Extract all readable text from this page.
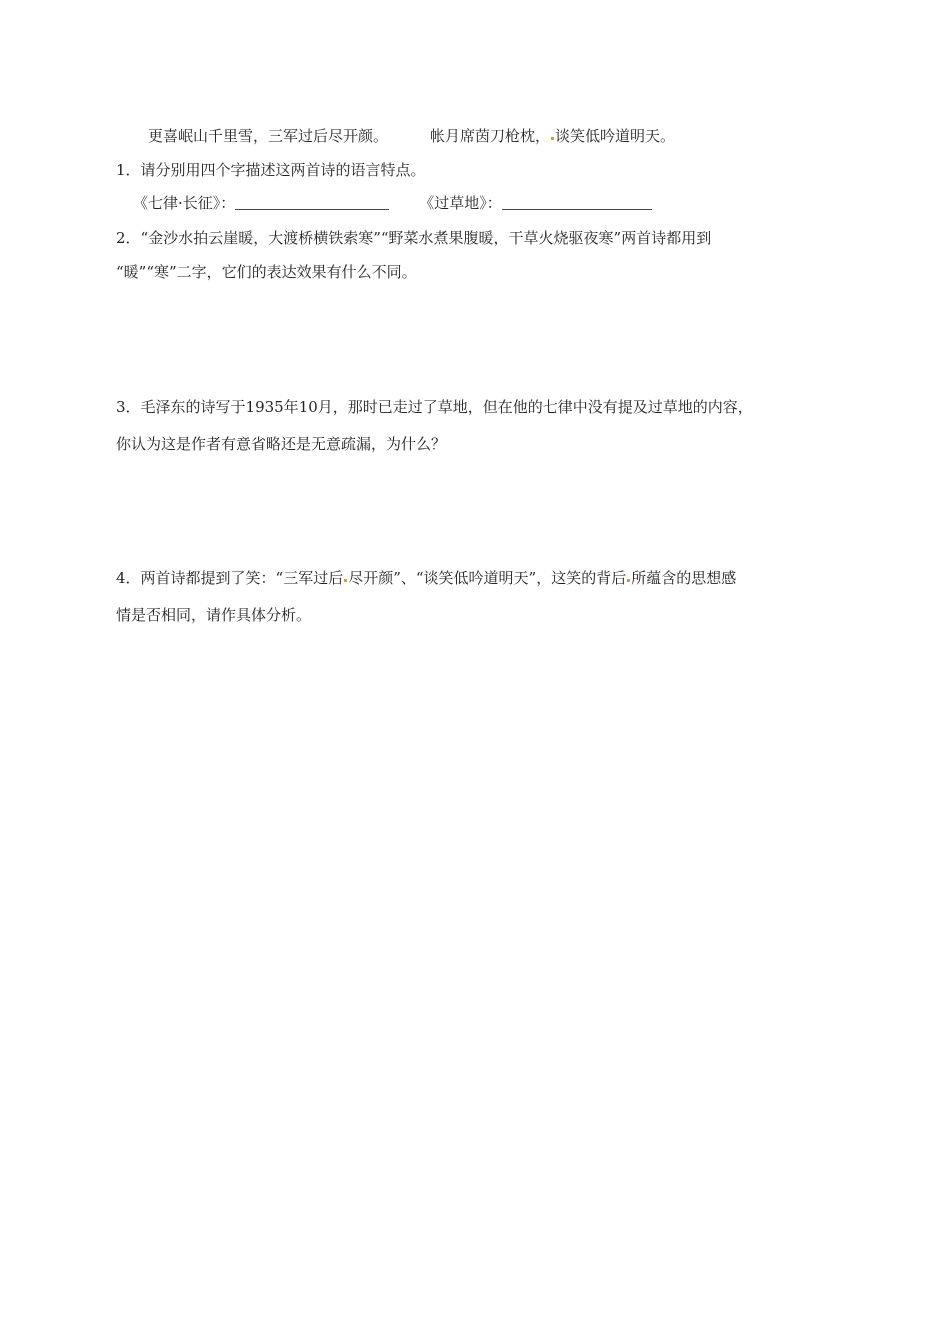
更喜岷山千里雪，三军过后尽开颜。	帐月席茵刀枪枕， 谈笑低吟道明天。
1．请分别用四个字描述这两首诗的语言特点。
《七律·长征》：	《过草地》：
2．“金沙水拍云崖暖，大渡桥横铁索寒”“野菜水煮果腹暖，干草火烧驱夜寒”两首诗都用到
“暖”“寒”二字，它们的表达效果有什么不同。
3．毛泽东的诗写于1935年10月，那时已走过了草地，但在他的七律中没有提及过草地的内容，
你认为这是作者有意省略还是无意疏漏，为什么？
4．两首诗都提到了笑：“三军过后 尽开颜”、“谈笑低吟道明天”，这笑的背后 所蕴含的思想感
情是否相同，请作具体分析。
